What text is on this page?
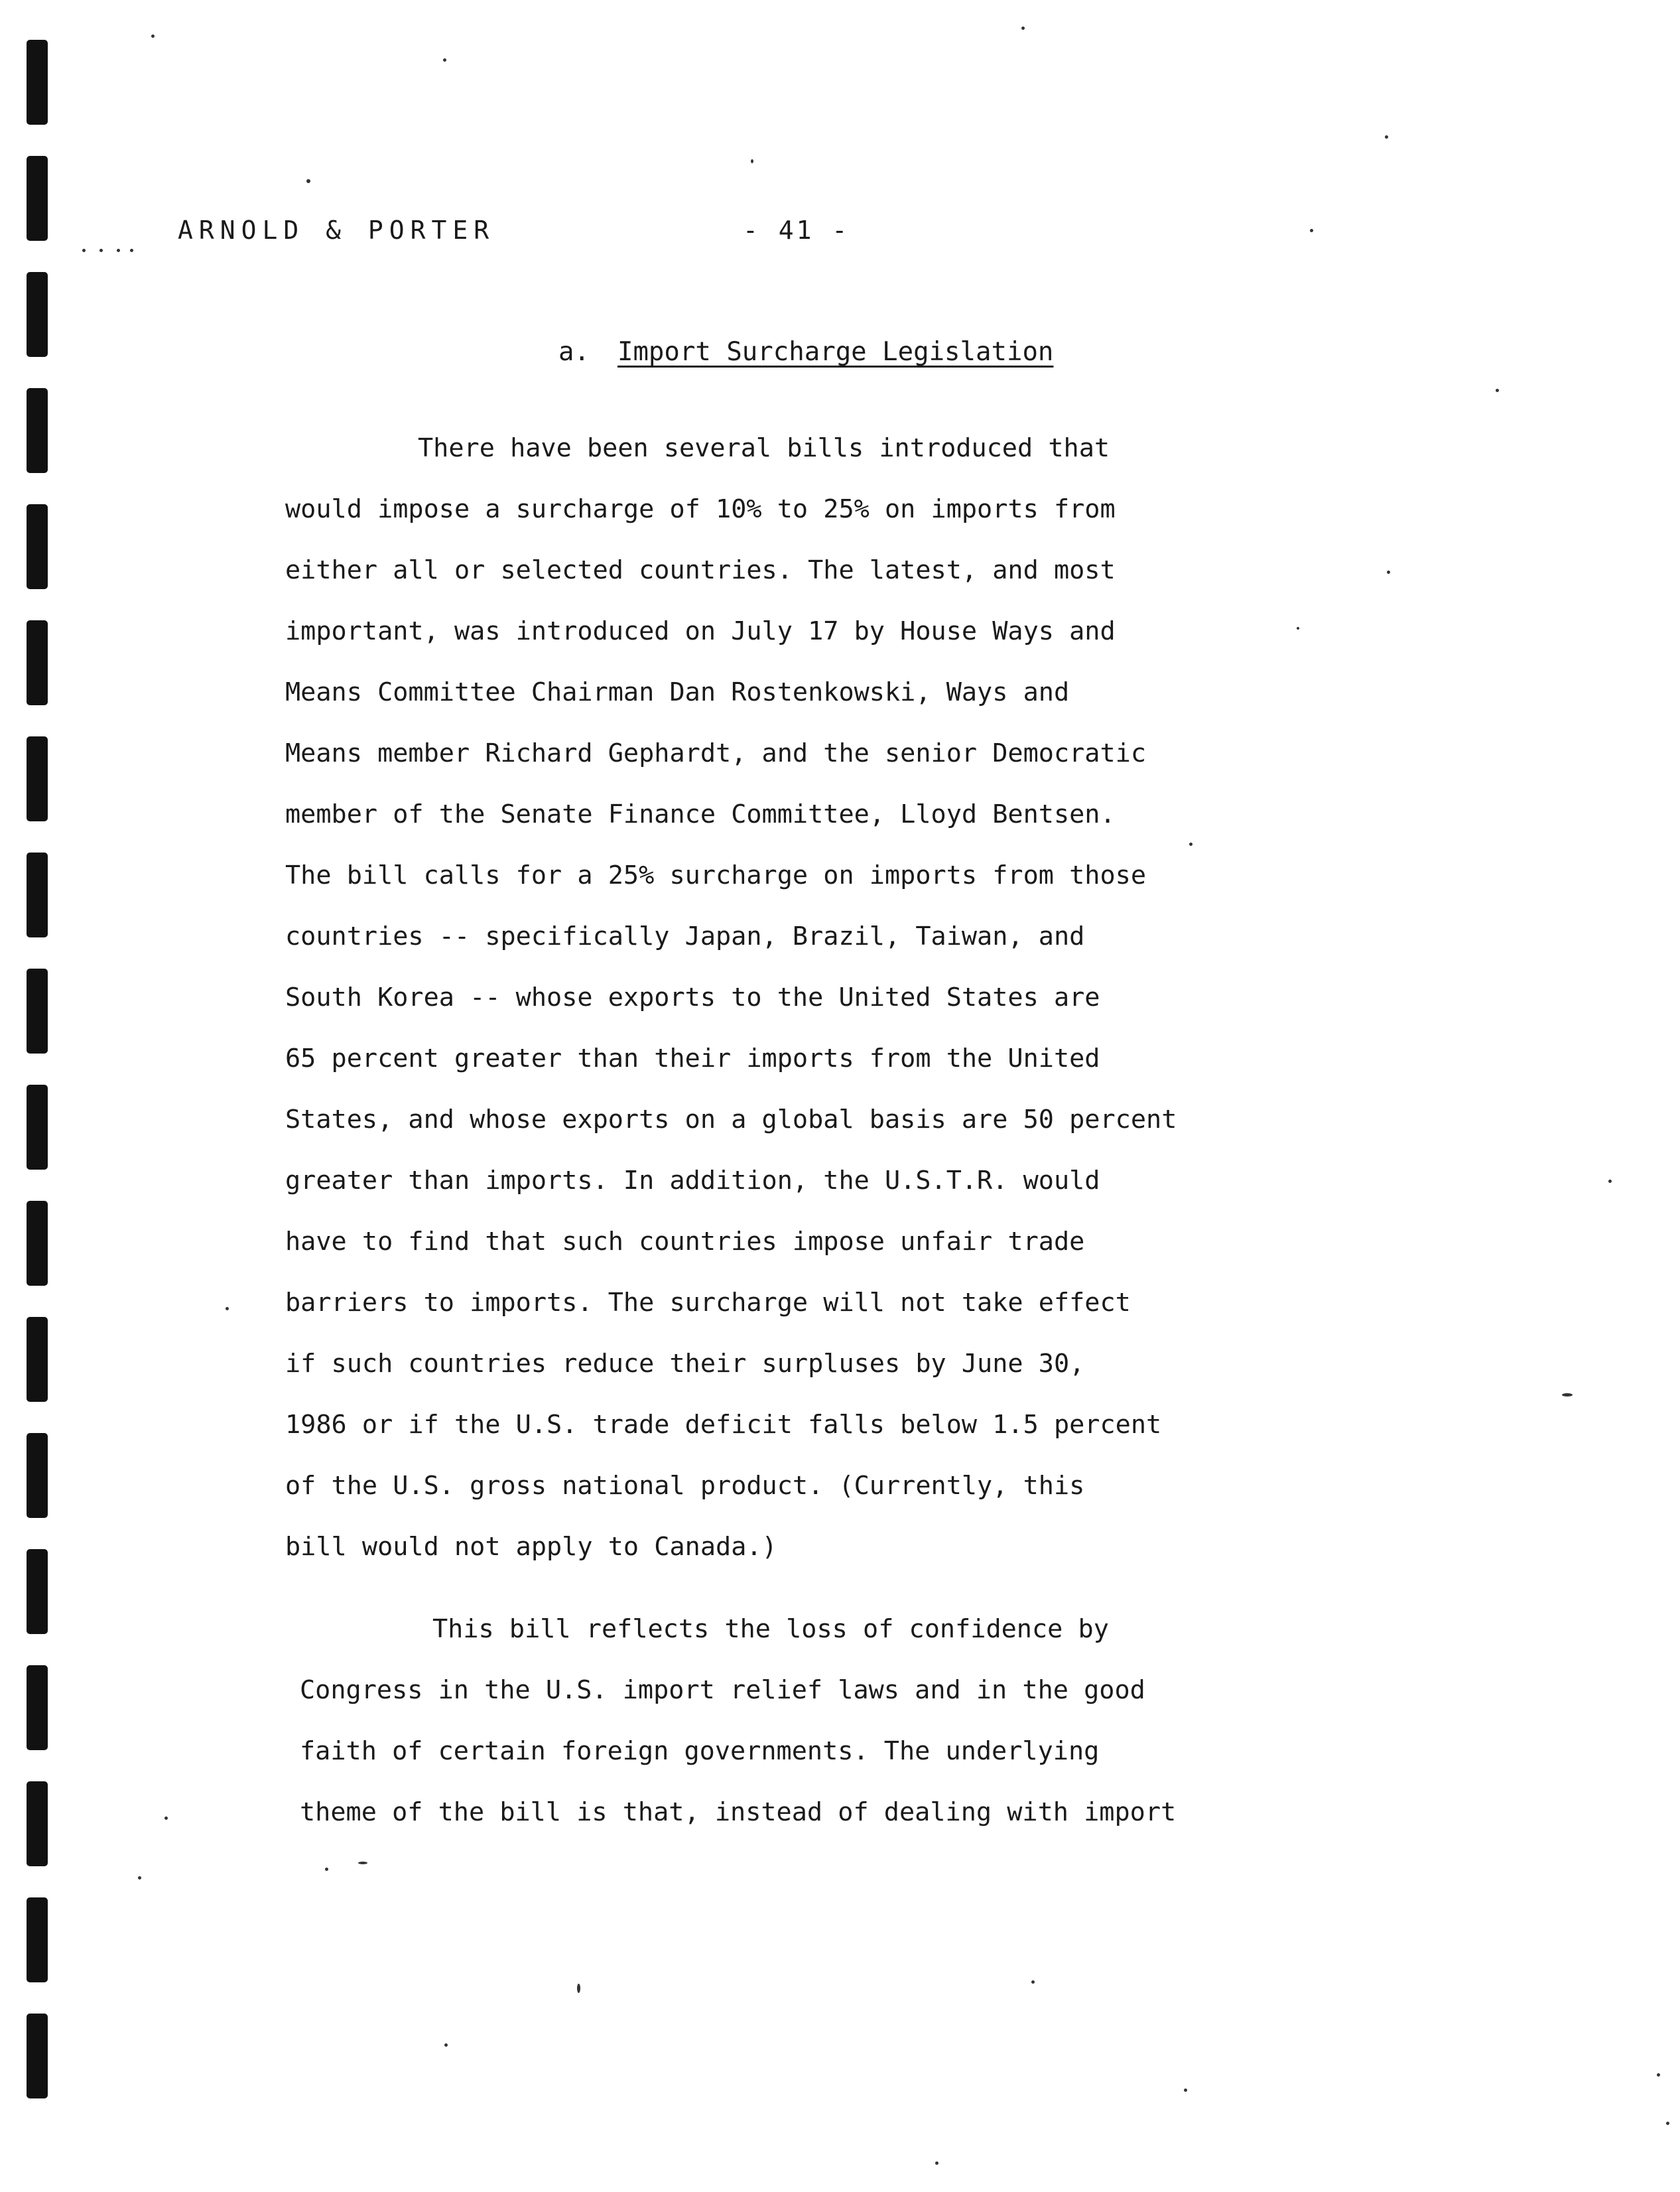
ARNOLD & PORTER	- 41 -
a. Import Surcharge Legislation
There have been several bills introduced that
would impose a surcharge of 10% to 25% on imports from
either all or selected countries. The latest, and most
important, was introduced on July 17 by House Ways and
Means Committee Chairman Dan Rostenkowski, Ways and
Means member Richard Gephardt, and the senior Democratic
member of the Senate Finance Committee, Lloyd Bentsen.
The bill calls for a 25% surcharge on imports from those
countries -- specifically Japan, Brazil, Taiwan, and
South Korea -- whose exports to the United States are
65 percent greater than their imports from the United
States, and whose exports on a global basis are 50 percent
greater than imports. In addition, the U.S.T.R. would
have to find that such countries impose unfair trade
barriers to imports. The surcharge will not take effect
if such countries reduce their surpluses by June 30,
1986 or if the U.S. trade deficit falls below 1.5 percent
of the U.S. gross national product. (Currently, this
bill would not apply to Canada.)
This bill reflects the loss of confidence by
Congress in the U.S. import relief laws and in the good
faith of certain foreign governments. The underlying
theme of the bill is that, instead of dealing with import
